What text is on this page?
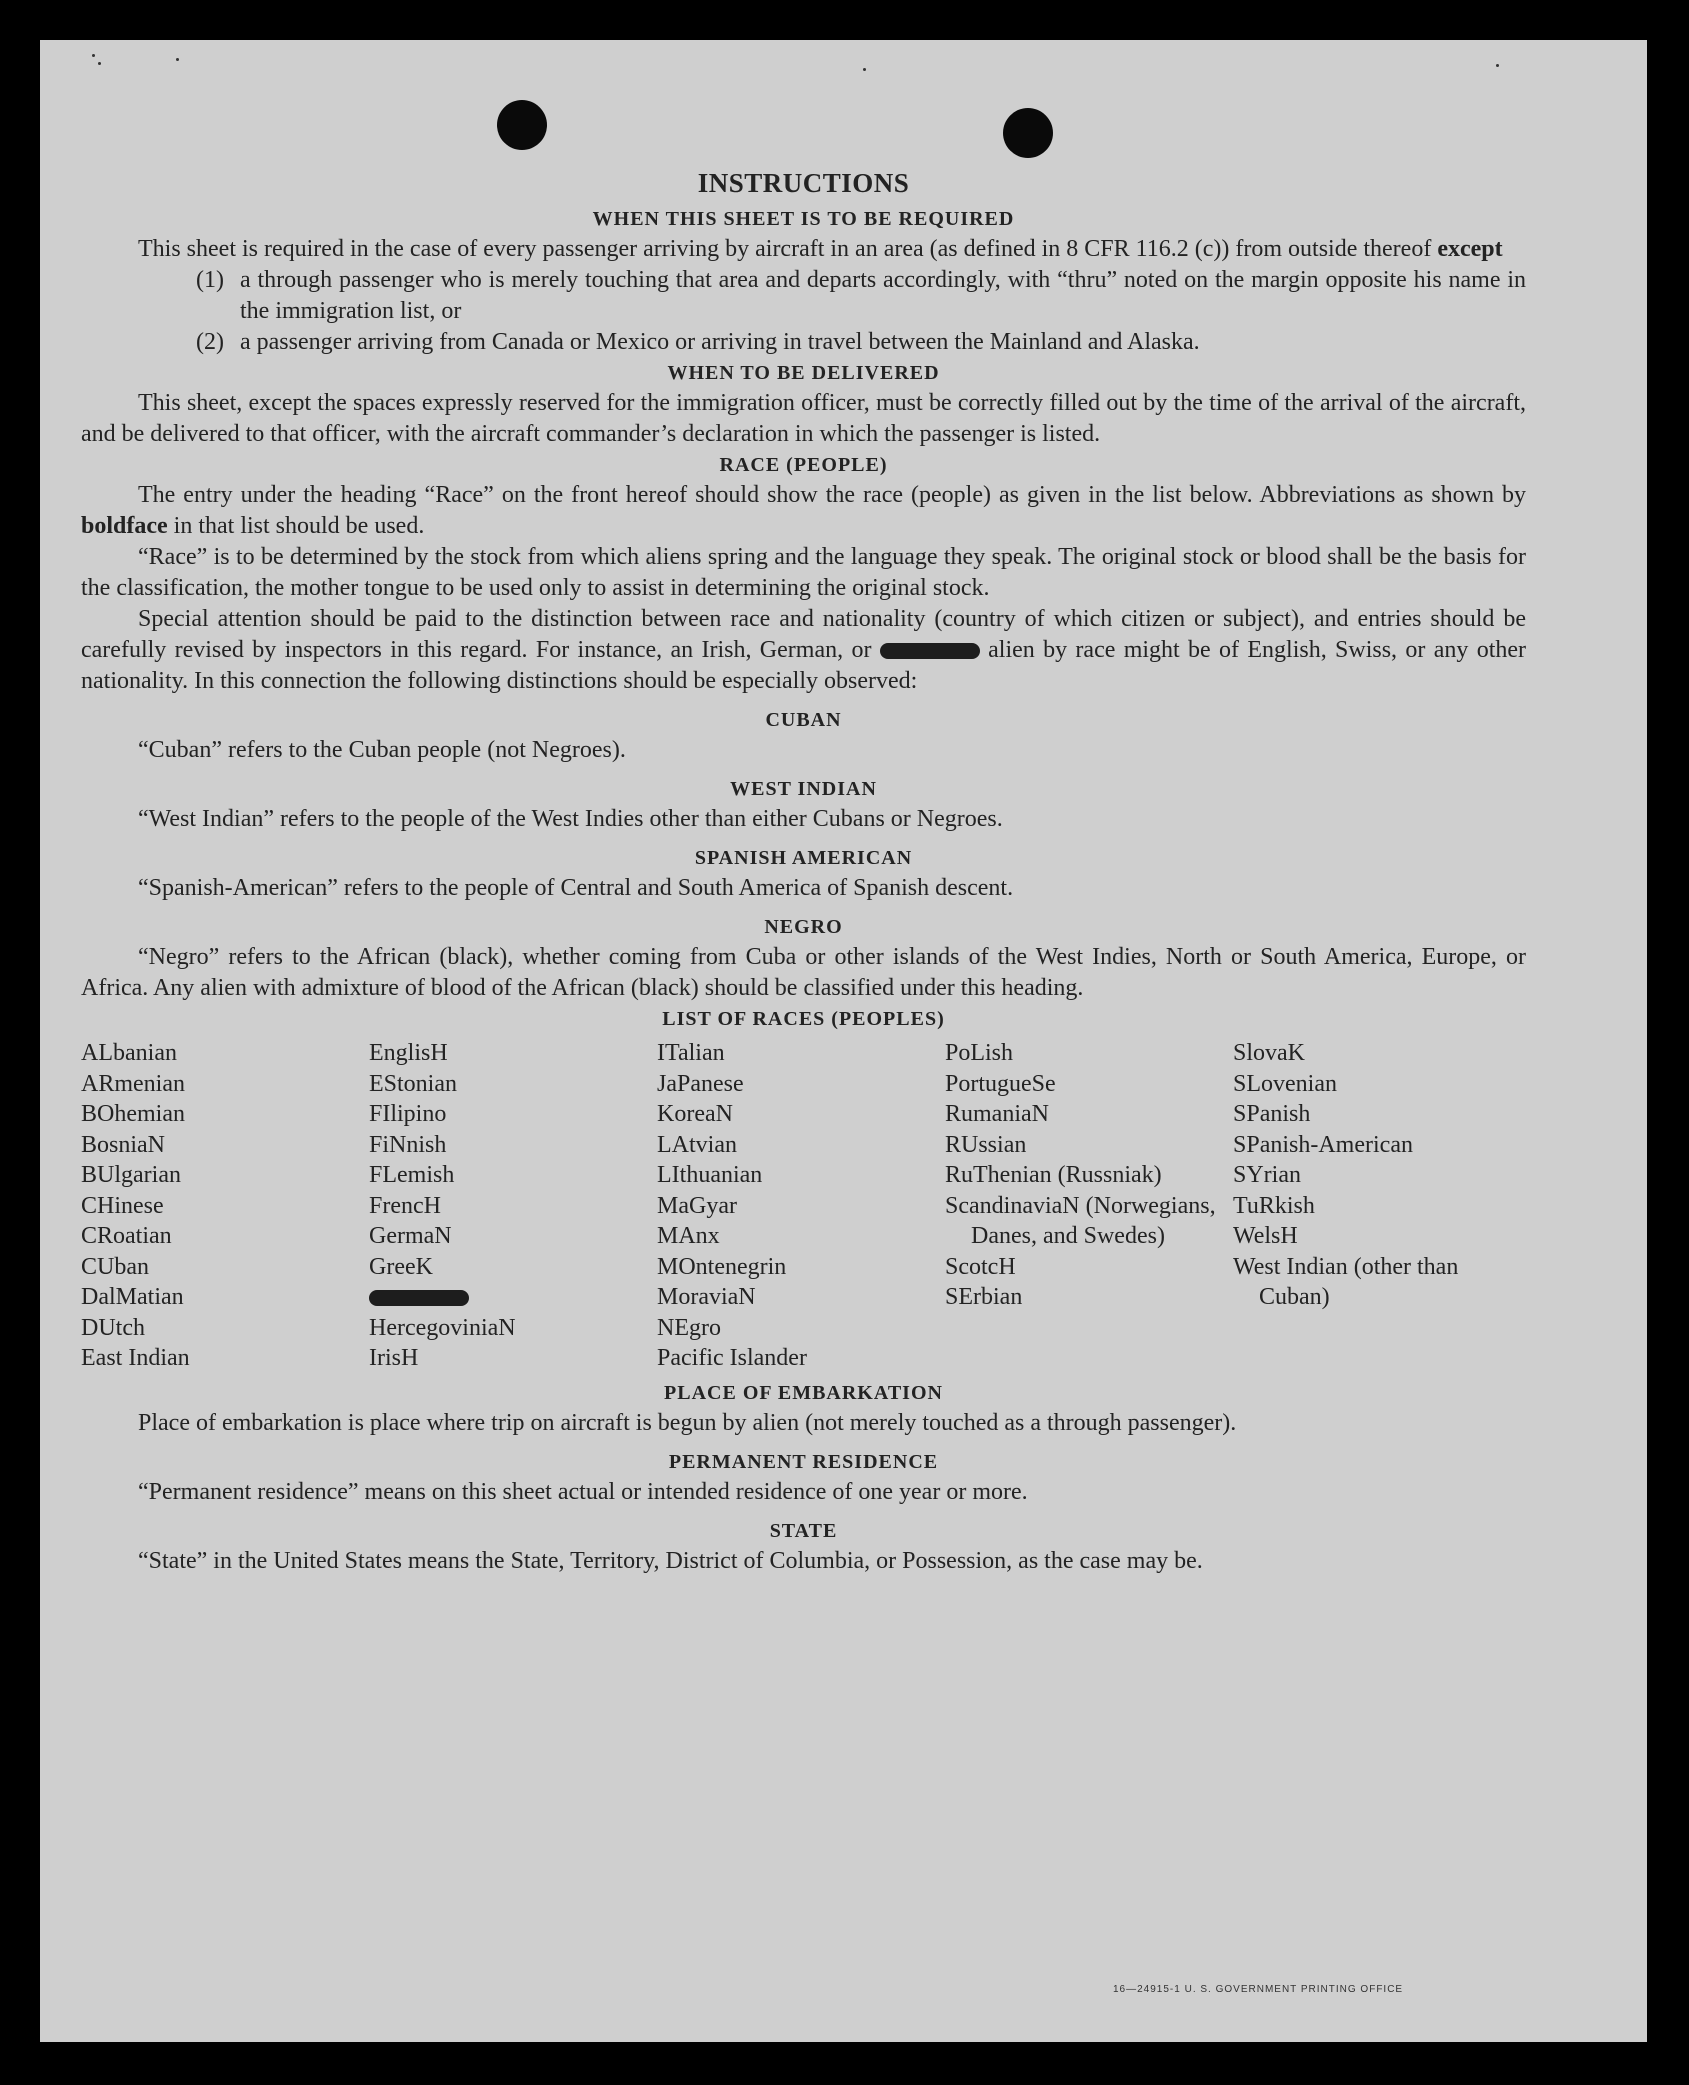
INSTRUCTIONS
WHEN THIS SHEET IS TO BE REQUIRED

This sheet is required in the case of every passenger arriving by aircraft in an area (as defined in 8 CFR 116.2 (c)) from outside thereof except

(1) a through passenger who is merely touching that area and departs accordingly, with “thru” noted on the margin opposite his name in the immigration list, or
(2) a passenger arriving from Canada or Mexico or arriving in travel between the Mainland and Alaska.
WHEN TO BE DELIVERED

This sheet, except the spaces expressly reserved for the immigration officer, must be correctly filled out by the time of the arrival of the aircraft, and be delivered to that officer, with the aircraft commander’s declaration in which the passenger is listed.

RACE (PEOPLE)

The entry under the heading “Race” on the front hereof should show the race (people) as given in the list below. Abbreviations as shown by boldface in that list should be used.

“Race” is to be determined by the stock from which aliens spring and the language they speak. The original stock or blood shall be the basis for the classification, the mother tongue to be used only to assist in determining the original stock.

Special attention should be paid to the distinction between race and nationality (country of which citizen or subject), and entries should be carefully revised by inspectors in this regard. For instance, an Irish, German, or	alien by race might be of English, Swiss, or any other nationality. In this connection the following distinctions should be especially observed:

CUBAN

“Cuban” refers to the Cuban people (not Negroes).

WEST INDIAN

“West Indian” refers to the people of the West Indies other than either Cubans or Negroes.

SPANISH AMERICAN

“Spanish-American” refers to the people of Central and South America of Spanish descent.

NEGRO

“Negro” refers to the African (black), whether coming from Cuba or other islands of the West Indies, North or South America, Europe, or Africa. Any alien with admixture of blood of the African (black) should be classified under this heading.

LIST OF RACES (PEOPLES)
ALbanian
ARmenian
BOhemian
BosniaN
BUlgarian
CHinese
CRoatian
CUban
DalMatian
DUtch
East Indian
EnglisH
EStonian
FIlipino
FiNnish
FLemish
FrencH
GermaN
GreeK
HercegoviniaN
IrisH
ITalian
JaPanese
KoreaN
LAtvian
LIthuanian
MaGyar
MAnx
MOntenegrin
MoraviaN
NEgro
Pacific Islander
PoLish
PortugueSe
RumaniaN
RUssian
RuThenian (Russniak)
ScandinaviaN (Norwegians, Danes, and Swedes)
ScotcH
SErbian
SlovaK
SLovenian
SPanish
SPanish-American
SYrian
TuRkish
WelsH
West Indian (other than Cuban)
PLACE OF EMBARKATION

Place of embarkation is place where trip on aircraft is begun by alien (not merely touched as a through passenger).

PERMANENT RESIDENCE

“Permanent residence” means on this sheet actual or intended residence of one year or more.

STATE

“State” in the United States means the State, Territory, District of Columbia, or Possession, as the case may be.

16—24915-1 U. S. GOVERNMENT PRINTING OFFICE
